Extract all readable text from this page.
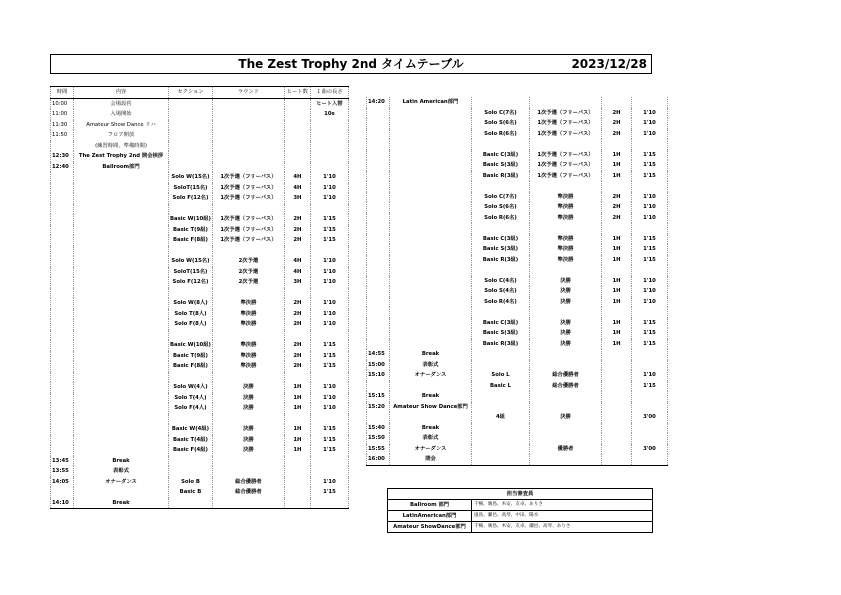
The Zest Trophy 2nd タイムテーブル	2023/12/28
時間	内容	セクション	ラウンド	ヒート数	１曲の長さ
10:00	会場設営				ヒート入替
11:00	入場開始				10s
11:30	Amateur Show Dance リハ				
11:50	フロア開放				
	(練習時間、準備時間)				
12:30	The Zest Trophy 2nd 開会挨拶				
12:40	Ballroom部門				
		Solo W(15名)	1次予選（フリーパス）	4H	1'10
		SoloT(15名)	1次予選（フリーパス）	4H	1'10
		Solo F(12名)	1次予選（フリーパス）	3H	1'10

		Basic W(10組)	1次予選（フリーパス）	2H	1'15
		Basic T(9組)	1次予選（フリーパス）	2H	1'15
		Basic F(8組)	1次予選（フリーパス）	2H	1'15

		Solo W(15名)	2次予選	4H	1'10
		SoloT(15名)	2次予選	4H	1'10
		Solo F(12名)	2次予選	3H	1'10

		Solo W(8人)	準決勝	2H	1'10
		Solo T(8人)	準決勝	2H	1'10
		Solo F(8人)	準決勝	2H	1'10

		Basic W(10組)	準決勝	2H	1'15
		Basic T(9組)	準決勝	2H	1'15
		Basic F(8組)	準決勝	2H	1'15

		Solo W(4人)	決勝	1H	1'10
		Solo T(4人)	決勝	1H	1'10
		Solo F(4人)	決勝	1H	1'10

		Basic W(4組)	決勝	1H	1'15
		Basic T(4組)	決勝	1H	1'15
		Basic F(4組)	決勝	1H	1'15
13:45	Break				
13:55	表彰式				
14:05	オナーダンス	Solo B	総合優勝者		1'10
		Basic B	総合優勝者		1'15
14:10	Break				
14:20	Latin American部門				
		Solo C(7名)	1次予選（フリーパス）	2H	1'10
		Solo S(6名)	1次予選（フリーパス）	2H	1'10
		Solo R(6名)	1次予選（フリーパス）	2H	1'10

		Basic C(3組)	1次予選（フリーパス）	1H	1'15
		Basic S(3組)	1次予選（フリーパス）	1H	1'15
		Basic R(3組)	1次予選（フリーパス）	1H	1'15

		Solo C(7名)	準決勝	2H	1'10
		Solo S(6名)	準決勝	2H	1'10
		Solo R(6名)	準決勝	2H	1'10

		Basic C(3組)	準決勝	1H	1'15
		Basic S(3組)	準決勝	1H	1'15
		Basic R(3組)	準決勝	1H	1'15

		Solo C(4名)	決勝	1H	1'10
		Solo S(4名)	決勝	1H	1'10
		Solo R(4名)	決勝	1H	1'10

		Basic C(3組)	決勝	1H	1'15
		Basic S(3組)	決勝	1H	1'15
		Basic R(3組)	決勝	1H	1'15
14:55	Break				
15:00	表彰式				
15:10	オナーダンス	Solo L	総合優勝者		1'10
		Basic L	総合優勝者		1'15
15:15	Break				
15:20	Amateur Show Dance部門				
		4組	決勝		3'00
15:40	Break				
15:50	表彰式				
15:55	オナーダンス		優勝者		3'00
16:00	閉会				
担当審査員	
Ballroom 部門	千暢、廣島、木安、友卓、ありさ
LatinAmerican部門	風島、瀬邑、高琴、中田、陽水
Amateur ShowDance部門	千暢、廣島、木安、友卓、瀬邑、高琴、ありさ
